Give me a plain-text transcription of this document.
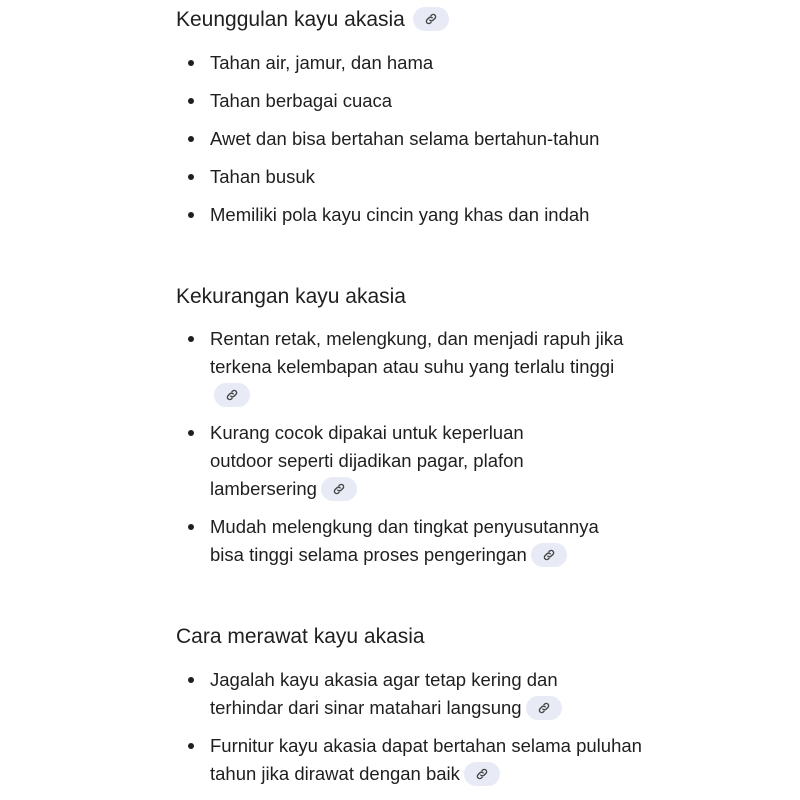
Keunggulan kayu akasia
Tahan air, jamur, dan hama
Tahan berbagai cuaca
Awet dan bisa bertahan selama bertahun-tahun
Tahan busuk
Memiliki pola kayu cincin yang khas dan indah
Kekurangan kayu akasia
Rentan retak, melengkung, dan menjadi rapuh jika terkena kelembapan atau suhu yang terlalu tinggi
Kurang cocok dipakai untuk keperluan outdoor seperti dijadikan pagar, plafon lambersering
Mudah melengkung dan tingkat penyusutannya bisa tinggi selama proses pengeringan
Cara merawat kayu akasia
Jagalah kayu akasia agar tetap kering dan terhindar dari sinar matahari langsung
Furnitur kayu akasia dapat bertahan selama puluhan tahun jika dirawat dengan baik
